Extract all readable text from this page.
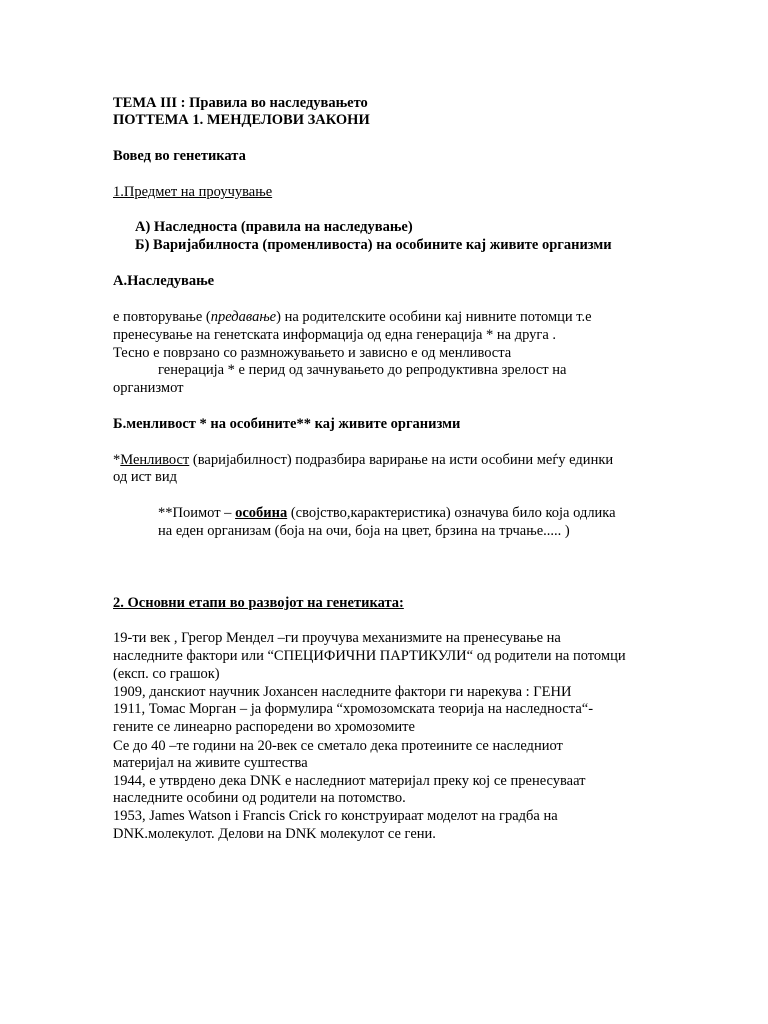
ТЕМА III : Правила во наследувањето
ПОТТЕМА 1. МЕНДЕЛОВИ ЗАКОНИ
Вовед во генетиката
1.Предмет на проучување
А) Наследноста (правила на наследување)
Б) Варијабилноста (променливоста) на особините кај живите организми
А.Наследување
е повторување (предавање) на родителските особини кај нивните потомци т.е
пренесување на генетската информација од една генерација * на друга .
Тесно е поврзано со размножувањето и зависно е од менливоста
генерација * е перид од зачнувањето до репродуктивна зрелост на
организмот
Б.менливост * на особините** кај живите организми
*Менливост (варијабилност) подразбира варирање на исти особини меѓу единки
од ист вид
**Поимот – особина (својство,карактеристика) означува било која одлика
на еден организам (боја на очи, боја на цвет, брзина на трчање..... )
2. Основни етапи во развојот на генетиката:
19-ти век , Грегор Мендел –ги проучува механизмите на пренесување на
наследните фактори или “СПЕЦИФИЧНИ ПАРТИКУЛИ“ од родители на потомци
(експ. со грашок)
1909, данскиот научник Јохансен наследните фактори ги нарекува : ГЕНИ
1911, Томас Морган – ја формулира “хромозомската теорија на наследноста“-
гените се линеарно распоредени во хромозомите
Се до 40 –те години на 20-век се сметало дека протеините се наследниот
материјал на живите суштества
1944, е утврдено дека DNK е наследниот материјал преку кој се пренесуваат
наследните особини од родители на потомство.
1953, James Watson i Francis Crick го конструираат моделот на градба на
DNK.молекулот. Делови на DNK молекулот се гени.
